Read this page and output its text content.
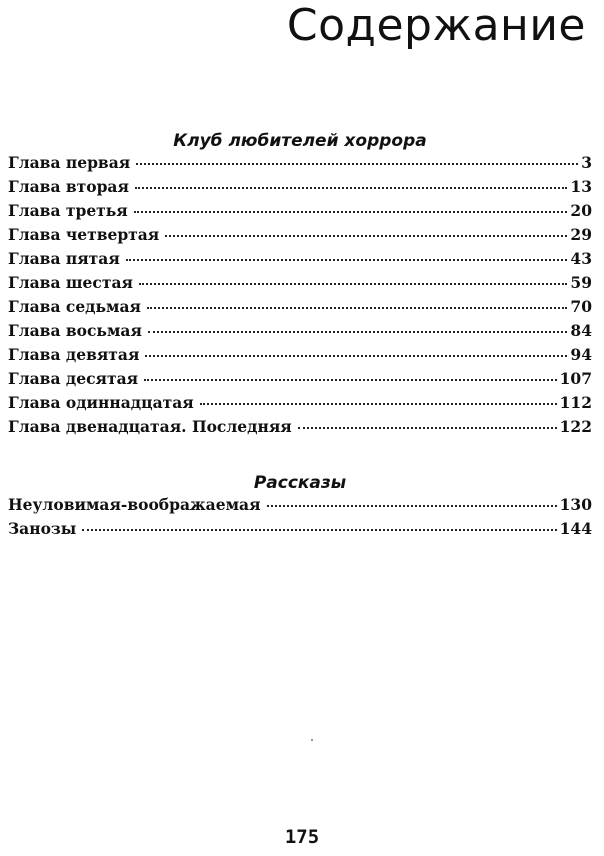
Содержание
Клуб любителей хоррора
Глава первая	3
Глава вторая	13
Глава третья	20
Глава четвертая	29
Глава пятая	43
Глава шестая	59
Глава седьмая	70
Глава восьмая	84
Глава девятая	94
Глава десятая	107
Глава одиннадцатая	112
Глава двенадцатая. Последняя	122
Рассказы
Неуловимая-воображаемая	130
Занозы	144

175
